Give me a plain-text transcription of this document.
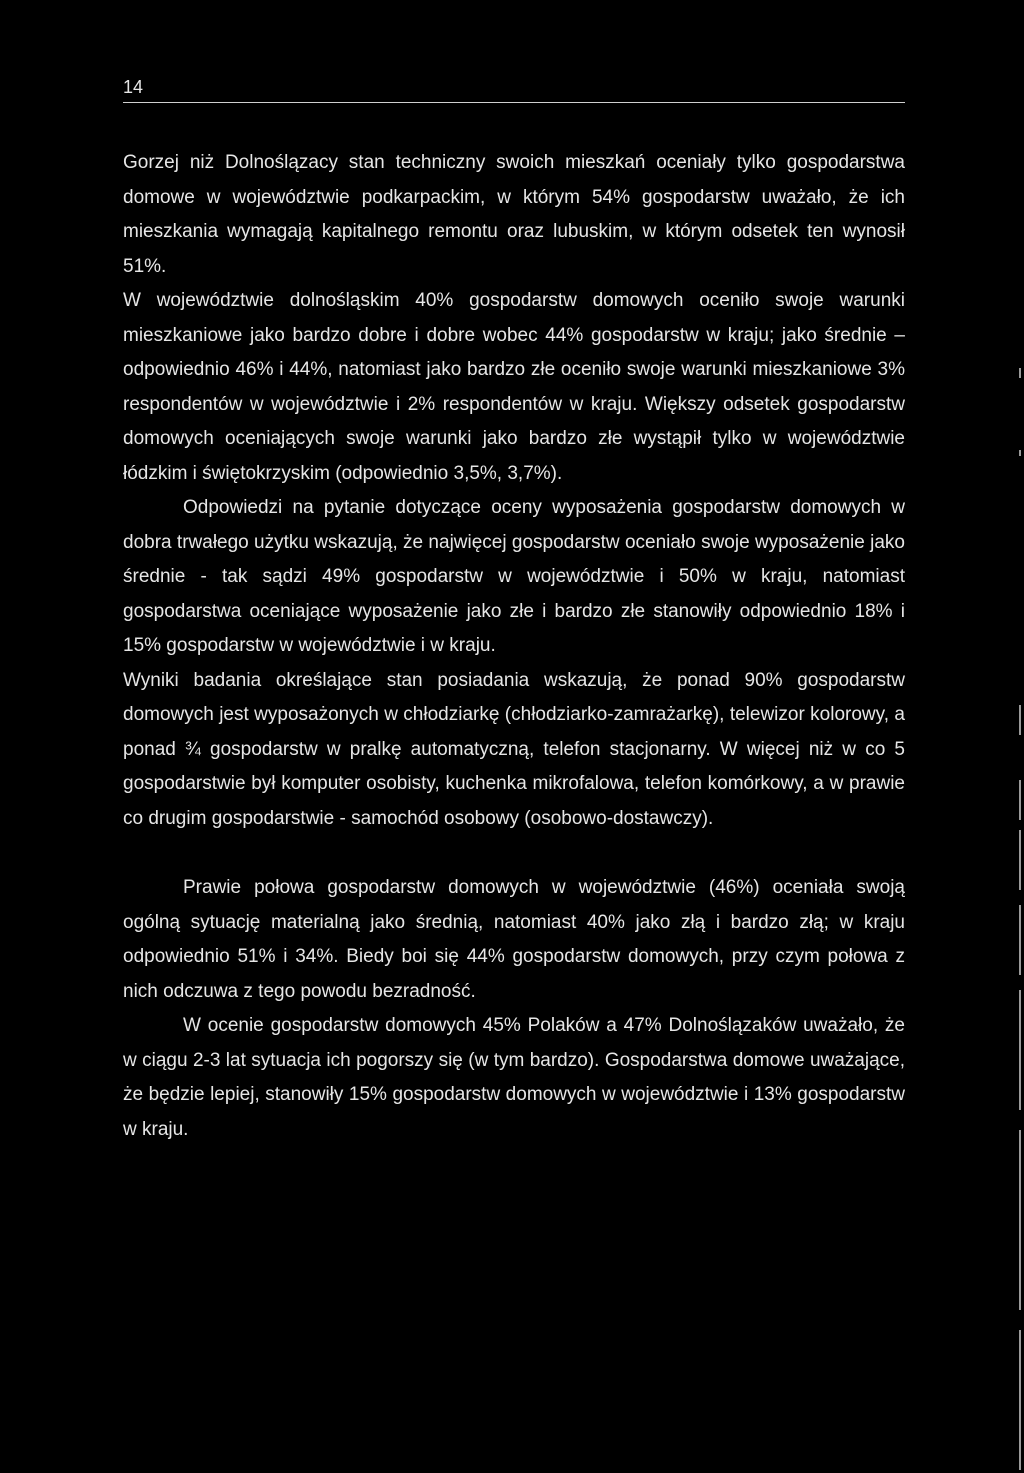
14

Gorzej niż Dolnoślązacy stan techniczny swoich mieszkań oceniały tylko gospodarstwa domowe w województwie podkarpackim, w którym 54% gospodarstw uważało, że ich mieszkania wymagają kapitalnego remontu oraz lubuskim, w którym odsetek ten wynosił 51%.

W województwie dolnośląskim 40% gospodarstw domowych oceniło swoje warunki mieszkaniowe jako bardzo dobre i dobre wobec 44% gospodarstw w kraju; jako średnie – odpowiednio 46% i 44%, natomiast jako bardzo złe oceniło swoje warunki mieszkaniowe 3% respondentów w województwie i 2% respondentów w kraju. Większy odsetek gospodarstw domowych oceniających swoje warunki jako bardzo złe wystąpił tylko w województwie łódzkim i świętokrzyskim (odpowiednio 3,5%, 3,7%).

Odpowiedzi na pytanie dotyczące oceny wyposażenia gospodarstw domowych w dobra trwałego użytku wskazują, że najwięcej gospodarstw oceniało swoje wyposażenie jako średnie - tak sądzi 49% gospodarstw w województwie i 50% w kraju, natomiast gospodarstwa oceniające wyposażenie jako złe i bardzo złe stanowiły odpowiednio 18% i 15% gospodarstw w województwie i w kraju.

Wyniki badania określające stan posiadania wskazują, że ponad 90% gospodarstw domowych jest wyposażonych w chłodziarkę (chłodziarko-zamrażarkę), telewizor kolorowy, a ponad ¾ gospodarstw w pralkę automatyczną, telefon stacjonarny. W więcej niż w co 5 gospodarstwie był komputer osobisty, kuchenka mikrofalowa, telefon komórkowy, a w prawie co drugim gospodarstwie - samochód osobowy (osobowo-dostawczy).

Prawie połowa gospodarstw domowych w województwie (46%) oceniała swoją ogólną sytuację materialną jako średnią, natomiast 40% jako złą i bardzo złą; w kraju odpowiednio 51% i 34%. Biedy boi się 44% gospodarstw domowych, przy czym połowa z nich odczuwa z tego powodu bezradność.

W ocenie gospodarstw domowych 45% Polaków a 47% Dolnoślązaków uważało, że w ciągu 2-3 lat sytuacja ich pogorszy się (w tym bardzo). Gospodarstwa domowe uważające, że będzie lepiej, stanowiły 15% gospodarstw domowych w województwie i 13% gospodarstw w kraju.
